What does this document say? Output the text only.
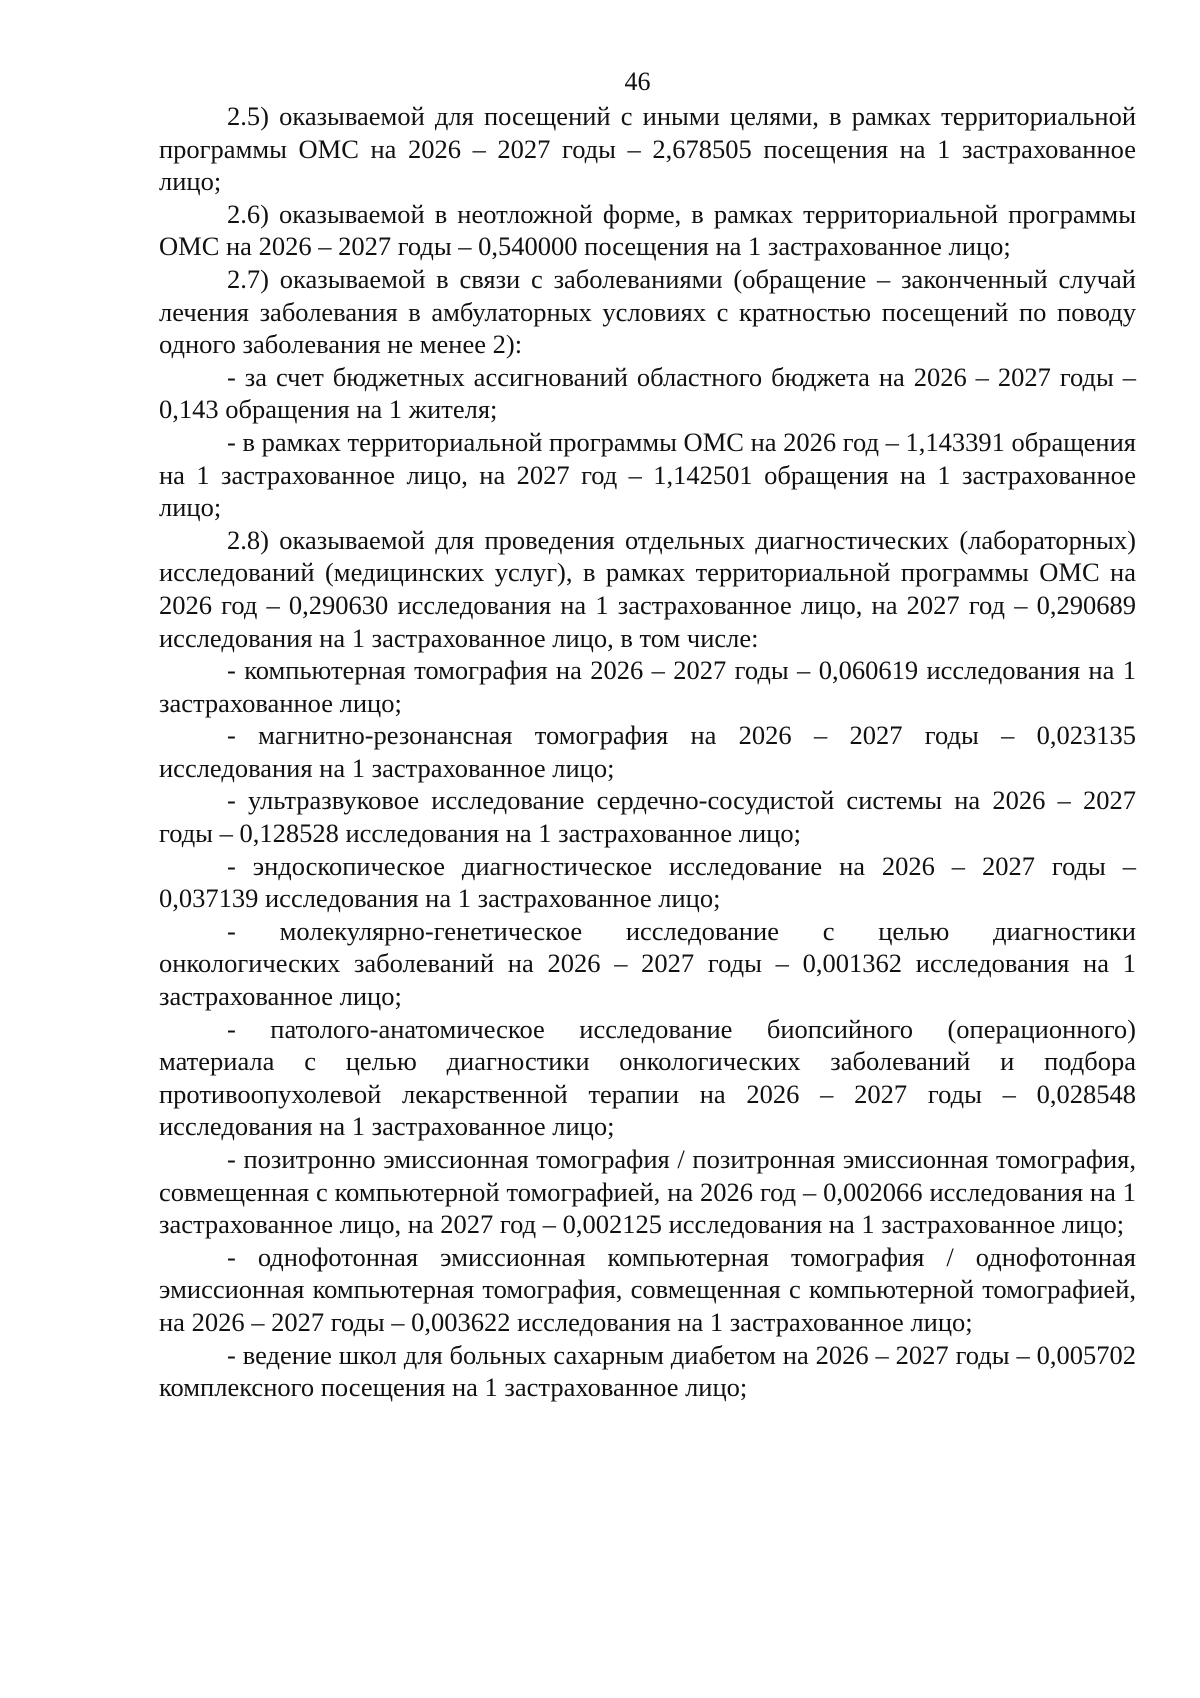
46

2.5) оказываемой для посещений с иными целями, в рамках территориальной программы ОМС на 2026 – 2027 годы – 2,678505 посещения на 1 застрахованное лицо;

2.6) оказываемой в неотложной форме, в рамках территориальной программы ОМС на 2026 – 2027 годы – 0,540000 посещения на 1 застрахованное лицо;

2.7) оказываемой в связи с заболеваниями (обращение – законченный случай лечения заболевания в амбулаторных условиях с кратностью посещений по поводу одного заболевания не менее 2):

- за счет бюджетных ассигнований областного бюджета на 2026 – 2027 годы – 0,143 обращения на 1 жителя;

- в рамках территориальной программы ОМС на 2026 год – 1,143391 обращения на 1 застрахованное лицо, на 2027 год – 1,142501 обращения на 1 застрахованное лицо;

2.8) оказываемой для проведения отдельных диагностических (лабораторных) исследований (медицинских услуг), в рамках территориальной программы ОМС на 2026 год – 0,290630 исследования на 1 застрахованное лицо, на 2027 год – 0,290689 исследования на 1 застрахованное лицо, в том числе:

- компьютерная томография на 2026 – 2027 годы – 0,060619 исследования на 1 застрахованное лицо;

- магнитно-резонансная томография на 2026 – 2027 годы – 0,023135 исследования на 1 застрахованное лицо;

- ультразвуковое исследование сердечно-сосудистой системы на 2026 – 2027 годы – 0,128528 исследования на 1 застрахованное лицо;

- эндоскопическое диагностическое исследование на 2026 – 2027 годы – 0,037139 исследования на 1 застрахованное лицо;

- молекулярно-генетическое исследование с целью диагностики онкологических заболеваний на 2026 – 2027 годы – 0,001362 исследования на 1 застрахованное лицо;

- патолого-анатомическое исследование биопсийного (операционного) материала с целью диагностики онкологических заболеваний и подбора противоопухолевой лекарственной терапии на 2026 – 2027 годы – 0,028548 исследования на 1 застрахованное лицо;

- позитронно эмиссионная томография / позитронная эмиссионная томография, совмещенная с компьютерной томографией, на 2026 год – 0,002066 исследования на 1 застрахованное лицо, на 2027 год – 0,002125 исследования на 1 застрахованное лицо;

- однофотонная эмиссионная компьютерная томография / однофотонная эмиссионная компьютерная томография, совмещенная с компьютерной томографией, на 2026 – 2027 годы – 0,003622 исследования на 1 застрахованное лицо;

- ведение школ для больных сахарным диабетом на 2026 – 2027 годы – 0,005702 комплексного посещения на 1 застрахованное лицо;
